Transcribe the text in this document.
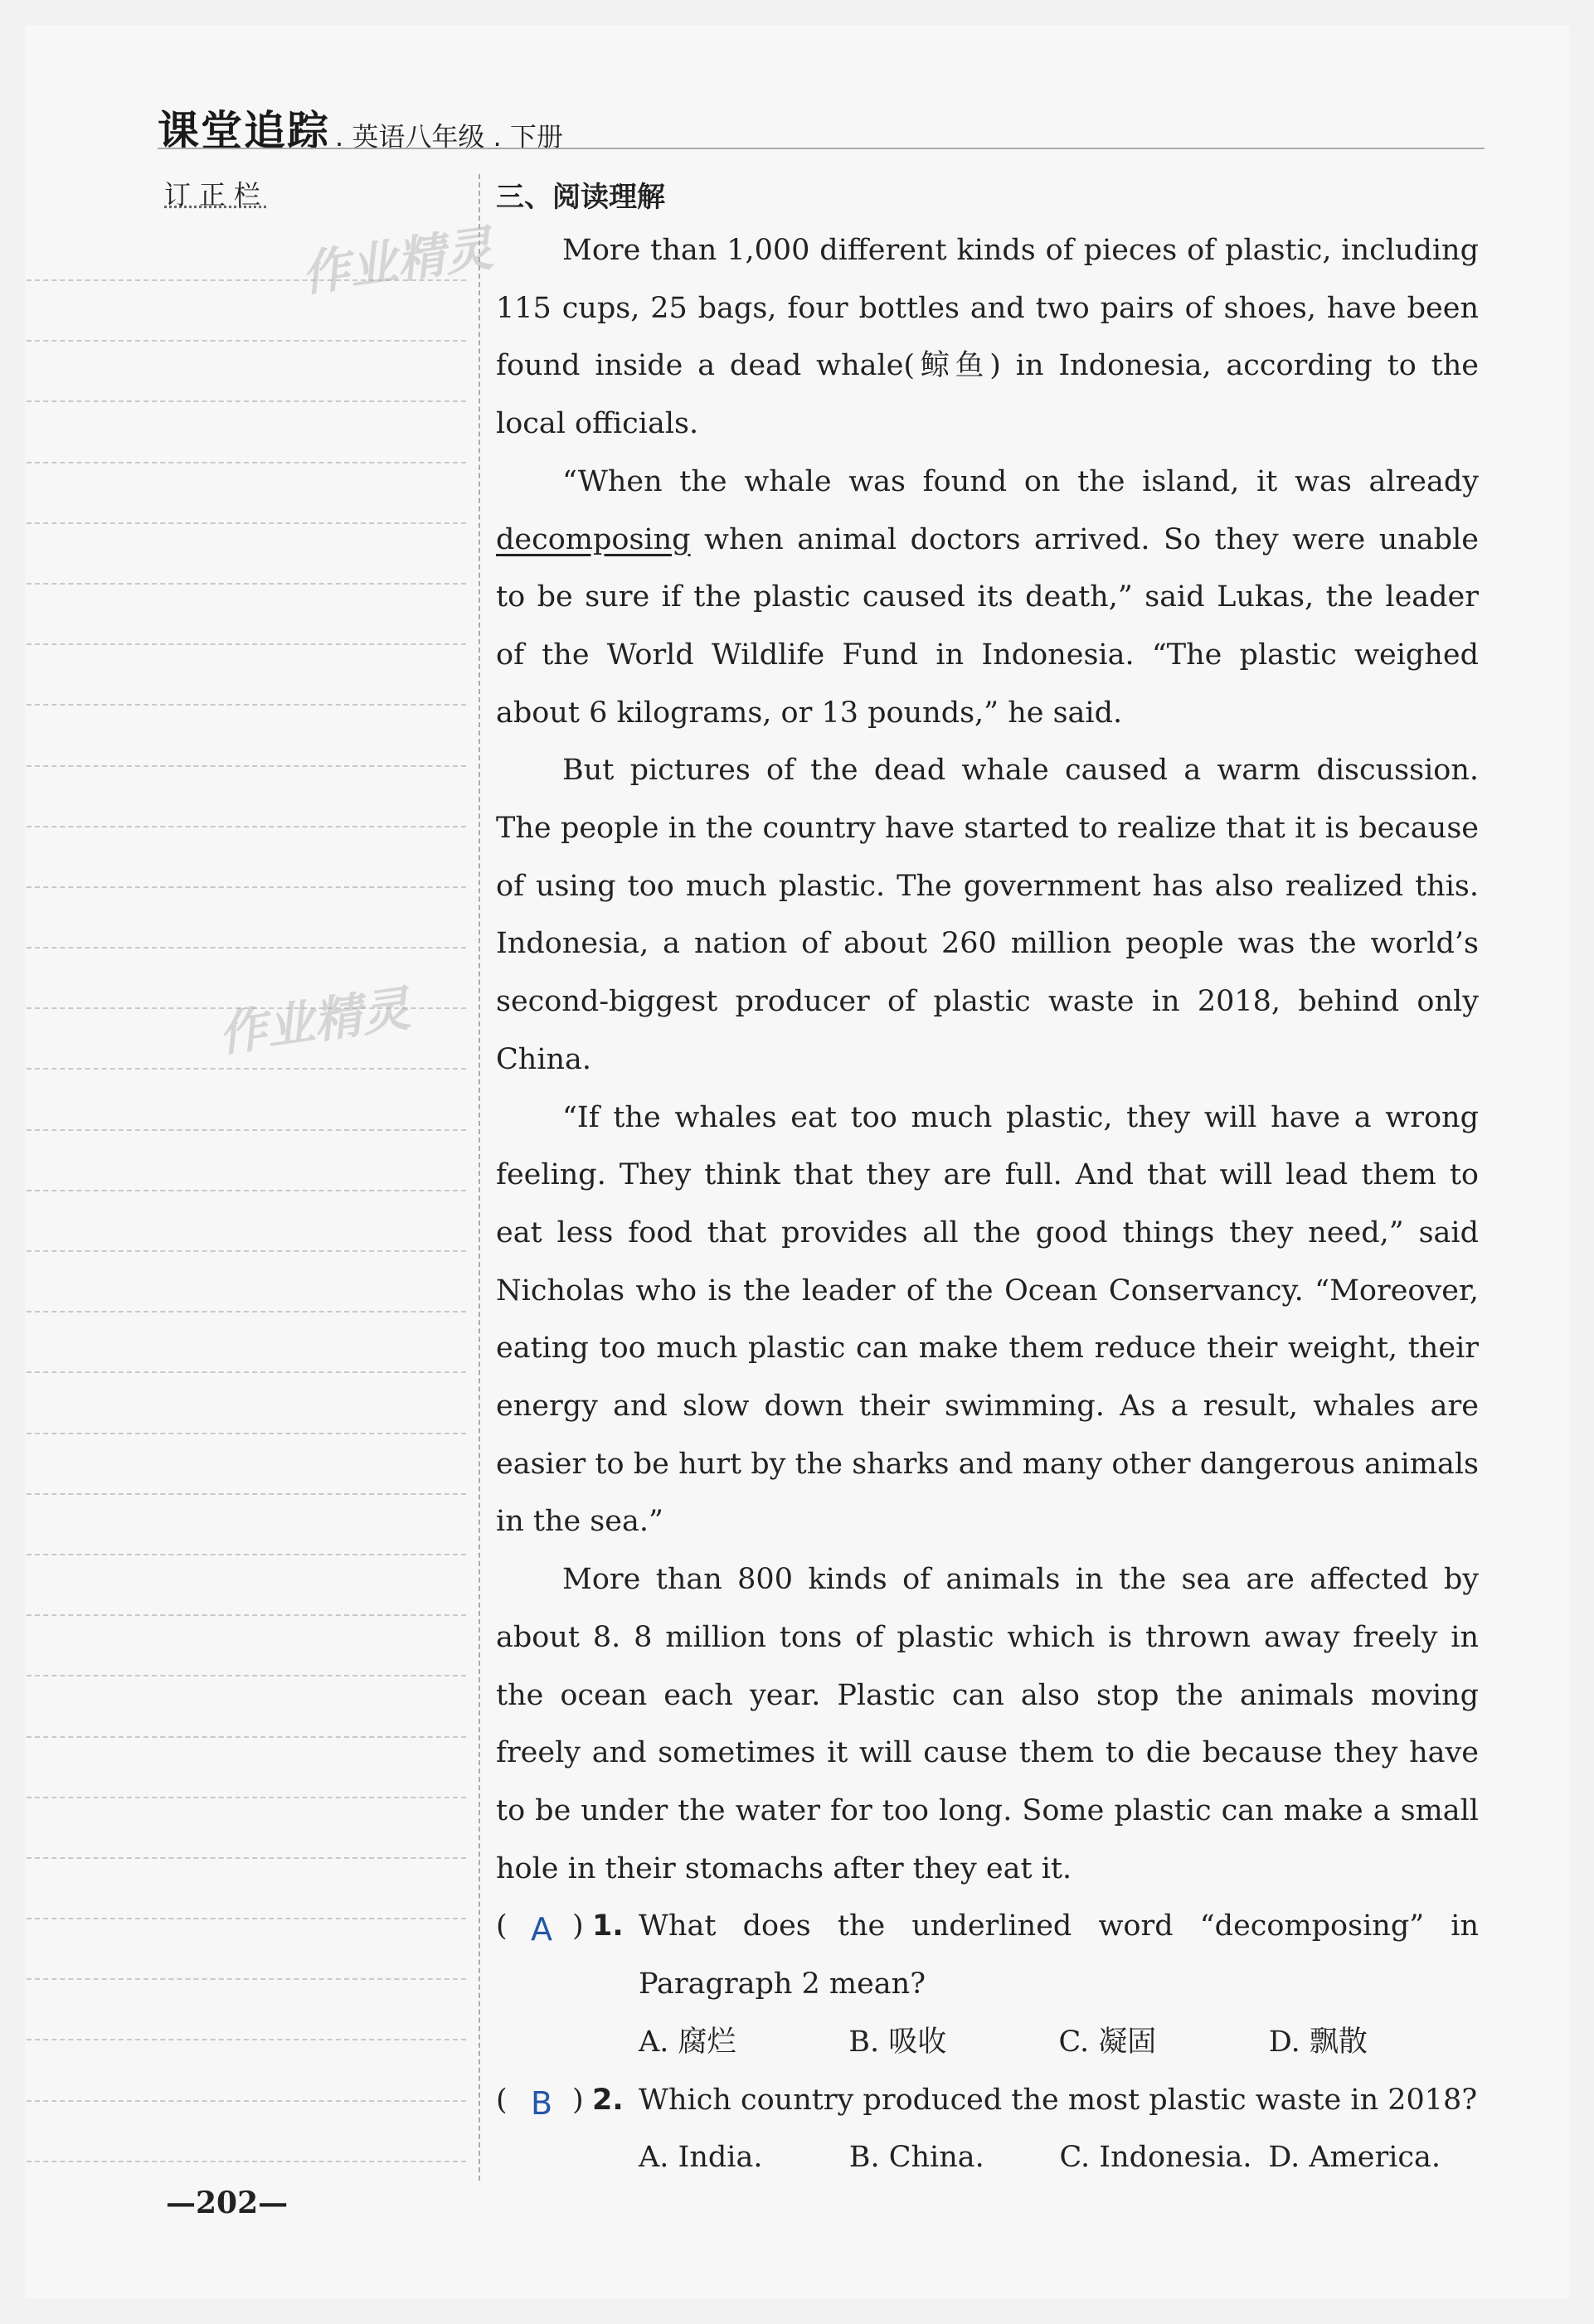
课堂追踪 . 英语八年级 . 下册
订正栏
作业精灵
作业精灵
三、阅读理解

More than 1,000 different kinds of pieces of plastic, including 115 cups, 25 bags, four bottles and two pairs of shoes, have been found inside a dead whale(鲸鱼) in Indonesia, according to the local officials.

“When the whale was found on the island, it was already decomposing when animal doctors arrived. So they were unable to be sure if the plastic caused its death,” said Lukas, the leader of the World Wildlife Fund in Indonesia. “The plastic weighed about 6 kilograms, or 13 pounds,” he said.

But pictures of the dead whale caused a warm discussion. The people in the country have started to realize that it is because of using too much plastic. The government has also realized this. Indonesia, a nation of about 260 million people was the world’s second-biggest producer of plastic waste in 2018, behind only China.

“If the whales eat too much plastic, they will have a wrong feeling. They think that they are full. And that will lead them to eat less food that provides all the good things they need,” said Nicholas who is the leader of the Ocean Conservancy. “Moreover, eating too much plastic can make them reduce their weight, their energy and slow down their swimming. As a result, whales are easier to be hurt by the sharks and many other dangerous animals in the sea.”

More than 800 kinds of animals in the sea are affected by about 8. 8 million tons of plastic which is thrown away freely in the ocean each year. Plastic can also stop the animals moving freely and sometimes it will cause them to die because they have to be under the water for too long. Some plastic can make a small hole in their stomachs after they eat it.

( A ) 1. What does the underlined word “decomposing” in Paragraph 2 mean?
A. 腐烂	B. 吸收	C. 凝固	D. 飘散
( B ) 2. Which country produced the most plastic waste in 2018?
A. India.	B. China.	C. Indonesia. D. America.
—202—
